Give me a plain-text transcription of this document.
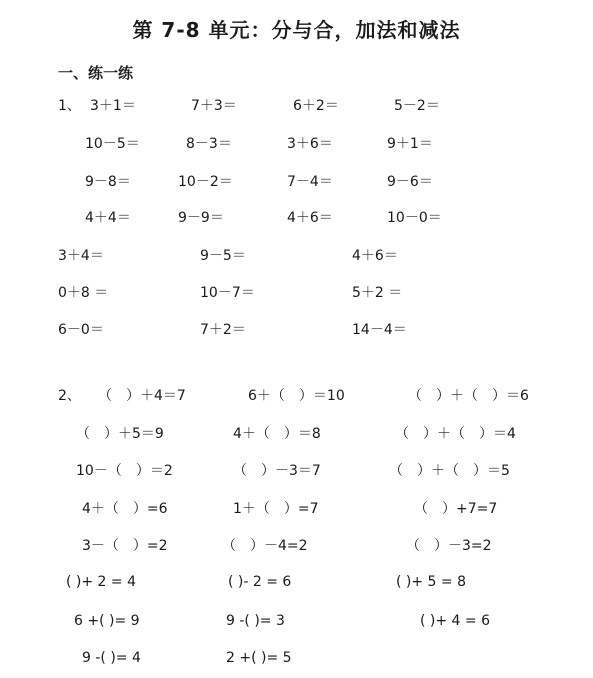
第 7-8 单元：分与合，加法和减法
一、练一练
1、 3＋1＝	7＋3＝	6＋2＝	5－2＝
10－5＝	8－3＝	3＋6＝	9＋1＝
9－8＝	10－2＝	7－4＝	9－6＝
4＋4＝	9－9＝	4＋6＝	10－0＝
3＋4＝	9－5＝	4＋6＝
0＋8 ＝	10－7＝	5＋2 ＝
6－0＝	7＋2＝	14－4＝
2、 （　）＋4＝7	6＋（　）＝10	（　）＋（　）＝6
（　）＋5＝9	4＋（　）＝8	（　）＋（　）＝4
10－（　）＝2	（　）－3＝7	（　）＋（　）＝5
4＋（　）=6	1＋（　）=7	（　）+7=7
3－（　）=2	（　）－4=2	（　）－3=2
( )+ 2 = 4	( )- 2 = 6	( )+ 5 = 8
6 +( )= 9	9 -( )= 3	( )+ 4 = 6
9 -( )= 4	2 +( )= 5
